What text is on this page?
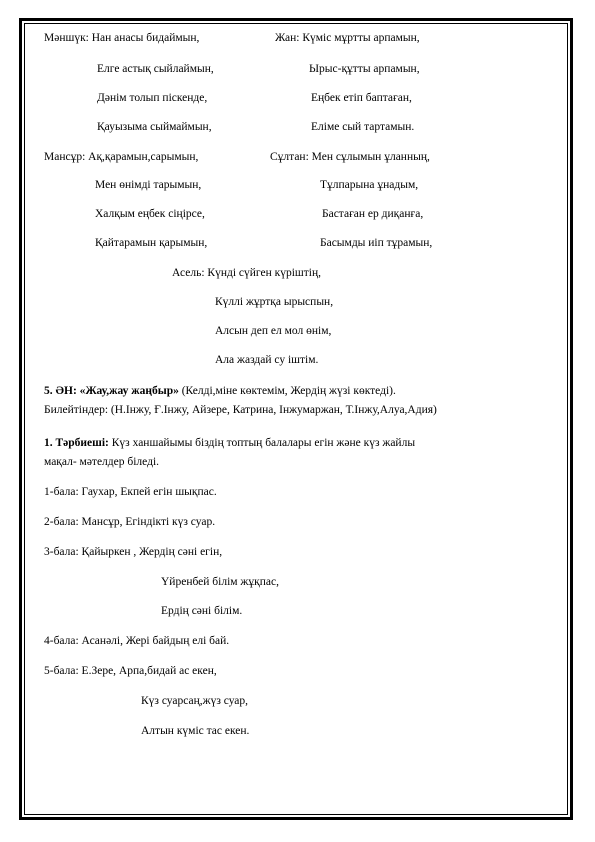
Мәншүк: Нан анасы бидаймын,	Жан: Күміс мұртты арпамын,
Елге астық сыйлаймын,	Ырыс-құтты арпамын,
Дәнім толып піскенде,	Еңбек етіп баптаған,
Қауызыма сыймаймын,	Еліме сый тартамын.
Мансұр: Ақ,қарамын,сарымын,	Сұлтан: Мен сұлымын ұланның,
Мен өнімді тарымын,	Тұлпарына ұнадым,
Халқым еңбек сіңірсе,	Бастаған ер диқанға,
Қайтарамын қарымын,	Басымды иіп тұрамын,
Асель: Күнді сүйген күріштің,
Күллі жұртқа ырыспын,
Алсын деп ел мол өнім,
Ала жаздай су іштім.
5. ӘН: «Жау,жау жаңбыр» (Келді,міне көктемім, Жердің жүзі көктеді).
Билейтіндер: (Н.Інжу, Ғ.Інжу, Айзере, Катрина, Інжумаржан, Т.Інжу,Алуа,Адия)
1. Тәрбиеші: Күз ханшайымы біздің топтың балалары егін және күз жайлы
мақал- мәтелдер біледі.
1-бала: Гаухар, Екпей егін шықпас.
2-бала: Мансұр, Егіндікті күз суар.
3-бала: Қайыркен , Жердің сәні егін,
Үйренбей білім жұқпас,
Ердің сәні білім.
4-бала: Асанәлі, Жері байдың елі бай.
5-бала: Е.Зере, Арпа,бидай ас екен,
Күз суарсаң,жүз суар,
Алтын күміс тас екен.
